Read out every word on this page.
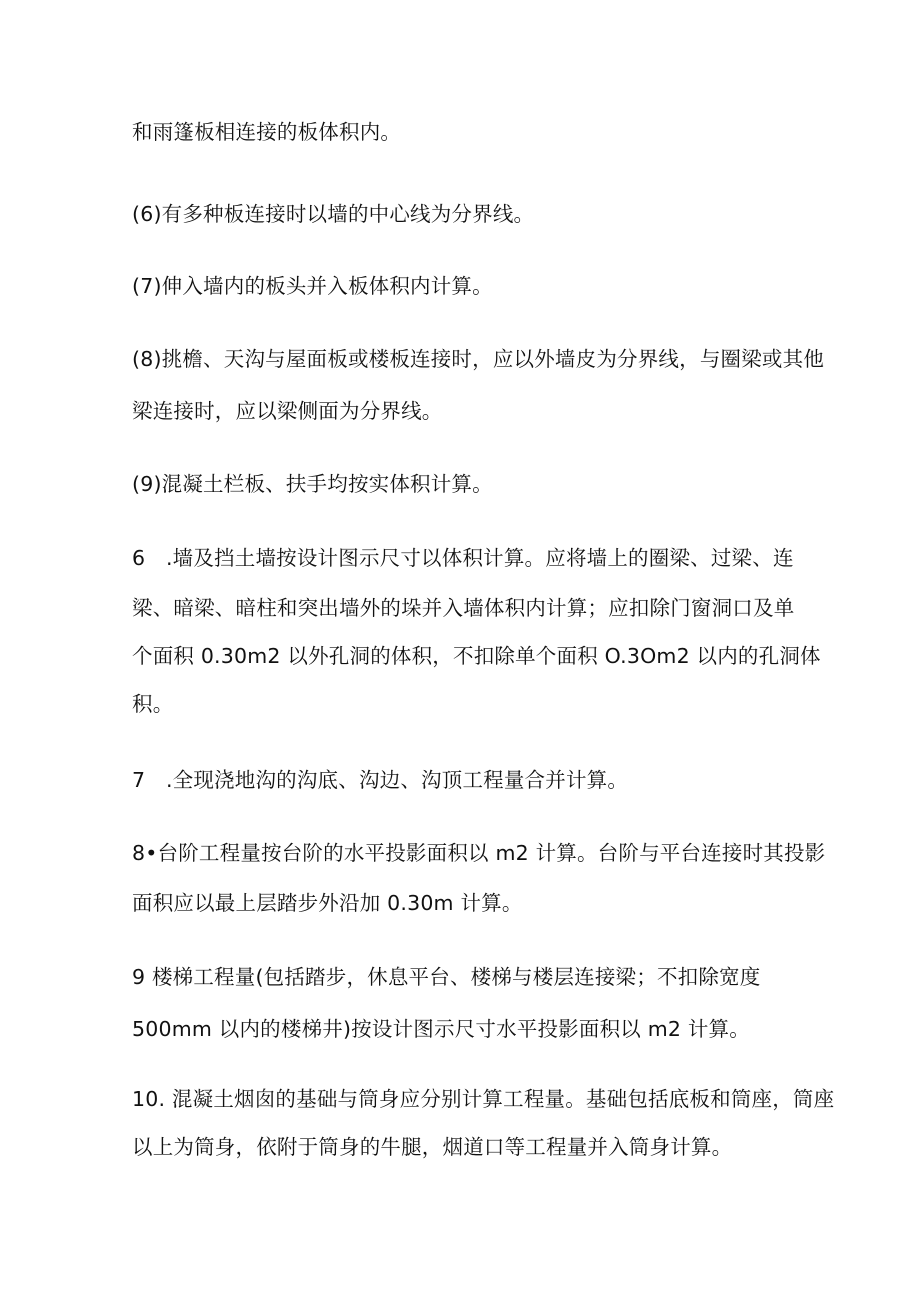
和雨篷板相连接的板体积内。
(6)有多种板连接时以墙的中心线为分界线。
(7)伸入墙内的板头并入板体积内计算。
(8)挑檐、天沟与屋面板或楼板连接时，应以外墙皮为分界线，与圈梁或其他
梁连接时，应以梁侧面为分界线。
(9)混凝土栏板、扶手均按实体积计算。
6　.墙及挡土墙按设计图示尺寸以体积计算。应将墙上的圈梁、过梁、连
梁、暗梁、暗柱和突出墙外的垛并入墙体积内计算；应扣除门窗洞口及单
个面积 0.30m2 以外孔洞的体积，不扣除单个面积 O.3Om2 以内的孔洞体
积。
7　.全现浇地沟的沟底、沟边、沟顶工程量合并计算。
8•台阶工程量按台阶的水平投影面积以 m2 计算。台阶与平台连接时其投影
面积应以最上层踏步外沿加 0.30m 计算。
9 楼梯工程量(包括踏步，休息平台、楼梯与楼层连接梁；不扣除宽度
500mm 以内的楼梯井)按设计图示尺寸水平投影面积以 m2 计算。
10. 混凝土烟囱的基础与筒身应分别计算工程量。基础包括底板和筒座，筒座
以上为筒身，依附于筒身的牛腿，烟道口等工程量并入筒身计算。
